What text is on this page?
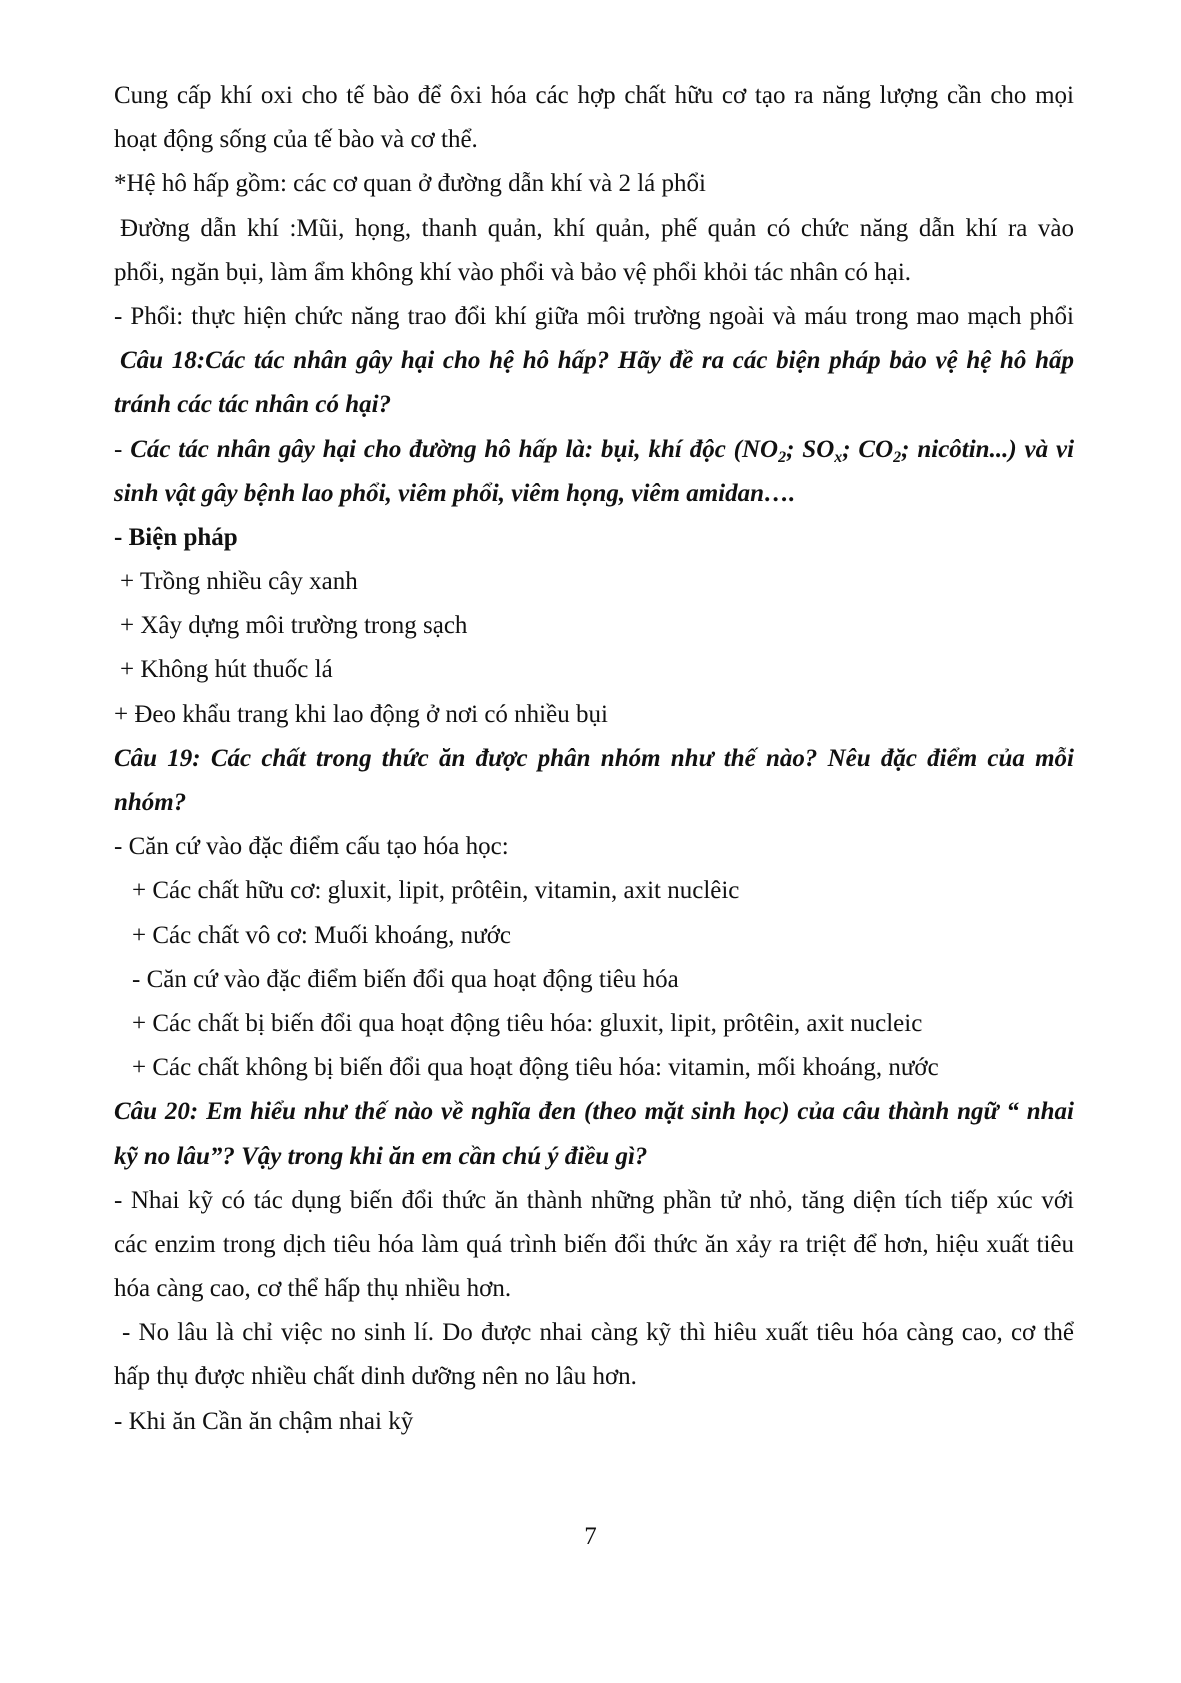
Cung cấp khí oxi cho tế bào để ôxi hóa các hợp chất hữu cơ tạo ra năng lượng cần cho mọi
hoạt động sống của tế bào và cơ thể.
*Hệ hô hấp gồm: các cơ quan ở đường dẫn khí và 2 lá phổi
Đường dẫn khí :Mũi, họng, thanh quản, khí quản, phế quản có chức năng dẫn khí ra vào
phổi, ngăn bụi, làm ẩm không khí vào phổi và bảo vệ phổi khỏi tác nhân có hại.
- Phổi: thực hiện chức năng trao đổi khí giữa môi trường ngoài và máu trong mao mạch phổi
Câu 18:Các tác nhân gây hại cho hệ hô hấp? Hãy đề ra các biện pháp bảo vệ hệ hô hấp
tránh các tác nhân có hại?
- Các tác nhân gây hại cho đường hô hấp là: bụi, khí độc ($NO_2$; $SO_x$; $CO_2$; nicôtin...) và vi
sinh vật gây bệnh lao phổi, viêm phổi, viêm họng, viêm amidan….
- Biện pháp
+ Trồng nhiều cây xanh
+ Xây dựng môi trường trong sạch
+ Không hút thuốc lá
+ Đeo khẩu trang khi lao động ở nơi có nhiều bụi
Câu 19: Các chất trong thức ăn được phân nhóm như thế nào? Nêu đặc điểm của mỗi
nhóm?
- Căn cứ vào đặc điểm cấu tạo hóa học:
+ Các chất hữu cơ: gluxit, lipit, prôtêin, vitamin, axit nuclêic
+ Các chất vô cơ: Muối khoáng, nước
- Căn cứ vào đặc điểm biến đổi qua hoạt động tiêu hóa
+ Các chất bị biến đổi qua hoạt động tiêu hóa: gluxit, lipit, prôtêin, axit nucleic
+ Các chất không bị biến đổi qua hoạt động tiêu hóa: vitamin, mối khoáng, nước
Câu 20: Em hiểu như thế nào về nghĩa đen (theo mặt sinh học) của câu thành ngữ “ nhai
kỹ no lâu”? Vậy trong khi ăn em cần chú ý điều gì?
- Nhai kỹ có tác dụng biến đổi thức ăn thành những phần tử nhỏ, tăng diện tích tiếp xúc với
các enzim trong dịch tiêu hóa làm quá trình biến đổi thức ăn xảy ra triệt để hơn, hiệu xuất tiêu
hóa càng cao, cơ thể hấp thụ nhiều hơn.
- No lâu là chỉ việc no sinh lí. Do được nhai càng kỹ thì hiêu xuất tiêu hóa càng cao, cơ thể
hấp thụ được nhiều chất dinh dưỡng nên no lâu hơn.
- Khi ăn Cần ăn chậm nhai kỹ
7
